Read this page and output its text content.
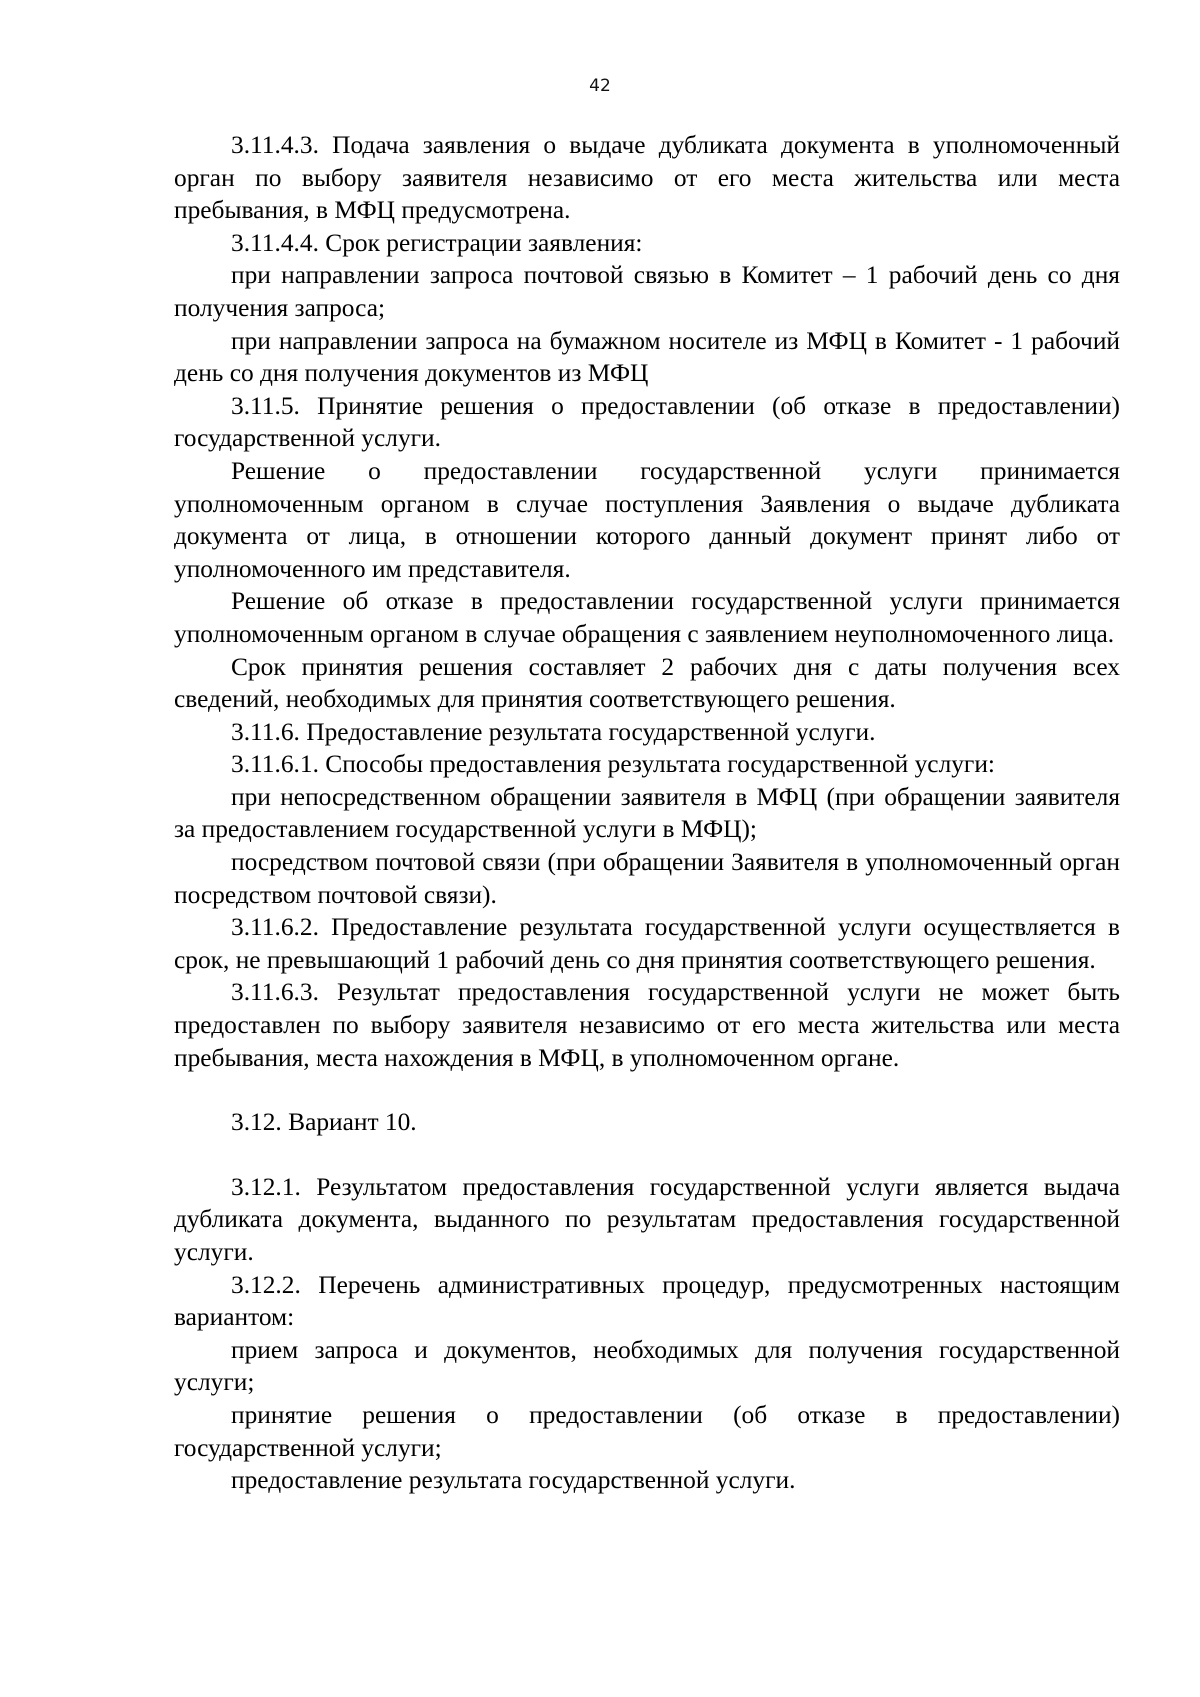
42

3.11.4.3. Подача заявления о выдаче дубликата документа в уполномоченный орган по выбору заявителя независимо от его места жительства или места пребывания, в МФЦ предусмотрена.

3.11.4.4. Срок регистрации заявления:

при направлении запроса почтовой связью в Комитет – 1 рабочий день со дня получения запроса;

при направлении запроса на бумажном носителе из МФЦ в Комитет - 1 рабочий день со дня получения документов из МФЦ

3.11.5. Принятие решения о предоставлении (об отказе в предоставлении) государственной услуги.

Решение о предоставлении государственной услуги принимается уполномоченным органом в случае поступления Заявления о выдаче дубликата документа от лица, в отношении которого данный документ принят либо от уполномоченного им представителя.

Решение об отказе в предоставлении государственной услуги принимается уполномоченным органом в случае обращения с заявлением неуполномоченного лица.

Срок принятия решения составляет 2 рабочих дня с даты получения всех сведений, необходимых для принятия соответствующего решения.

3.11.6. Предоставление результата государственной услуги.

3.11.6.1. Способы предоставления результата государственной услуги:

при непосредственном обращении заявителя в МФЦ (при обращении заявителя за предоставлением государственной услуги в МФЦ);

посредством почтовой связи (при обращении Заявителя в уполномоченный орган посредством почтовой связи).

3.11.6.2. Предоставление результата государственной услуги осуществляется в срок, не превышающий 1 рабочий день со дня принятия соответствующего решения.

3.11.6.3. Результат предоставления государственной услуги не может быть предоставлен по выбору заявителя независимо от его места жительства или места пребывания, места нахождения в МФЦ, в уполномоченном органе.

3.12. Вариант 10.

3.12.1. Результатом предоставления государственной услуги является выдача дубликата документа, выданного по результатам предоставления государственной услуги.

3.12.2. Перечень административных процедур, предусмотренных настоящим вариантом:

прием запроса и документов, необходимых для получения государственной услуги;

принятие решения о предоставлении (об отказе в предоставлении) государственной услуги;

предоставление результата государственной услуги.
